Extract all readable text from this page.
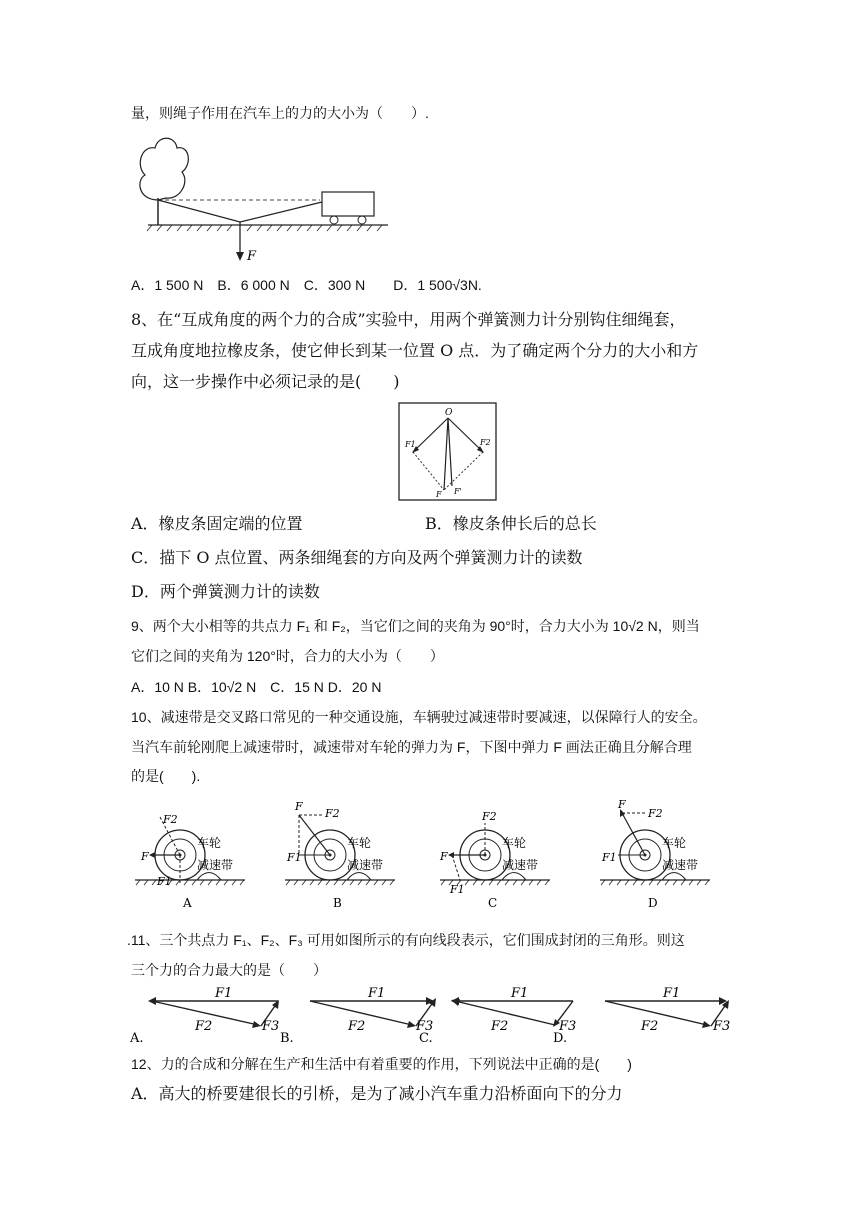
量，则绳子作用在汽车上的力的大小为（　　）.
F
A．1 500 N　B．6 000 N　C．300 N　　D．1 500√3N.
8、在“互成角度的两个力的合成”实验中，用两个弹簧测力计分别钩住细绳套，
互成角度地拉橡皮条，使它伸长到某一位置 O 点．为了确定两个分力的大小和方
向，这一步操作中必须记录的是(　　)
O
F1	F2
F F'
A．橡皮条固定端的位置	B．橡皮条伸长后的总长
C．描下 O 点位置、两条细绳套的方向及两个弹簧测力计的读数
D．两个弹簧测力计的读数
9、两个大小相等的共点力 F₁ 和 F₂，当它们之间的夹角为 90°时，合力大小为 10√2 N，则当
它们之间的夹角为 120°时，合力的大小为（　　）
A．10 N B．10√2 N　C．15 N D．20 N
10、减速带是交叉路口常见的一种交通设施，车辆驶过减速带时要减速，以保障行人的安全。
当汽车前轮刚爬上减速带时，减速带对车轮的弹力为 F，下图中弹力 F 画法正确且分解合理
的是(　　).
F
F2
F1
车轮
减速带
A
F
F2
F1
车轮
减速带
B
F
F2
F1
车轮
减速带
C
F
F2
F1
车轮
减速带
D
.11、三个共点力 F₁、F₂、F₃ 可用如图所示的有向线段表示，它们围成封闭的三角形。则这
三个力的合力最大的是（　　）
F1
F2	F3
A.
F1
F2	F3
B.
F1
F2	F3
C.
F1
F2	F3
D.
12、力的合成和分解在生产和生活中有着重要的作用，下列说法中正确的是(　　)
A．高大的桥要建很长的引桥，是为了减小汽车重力沿桥面向下的分力
